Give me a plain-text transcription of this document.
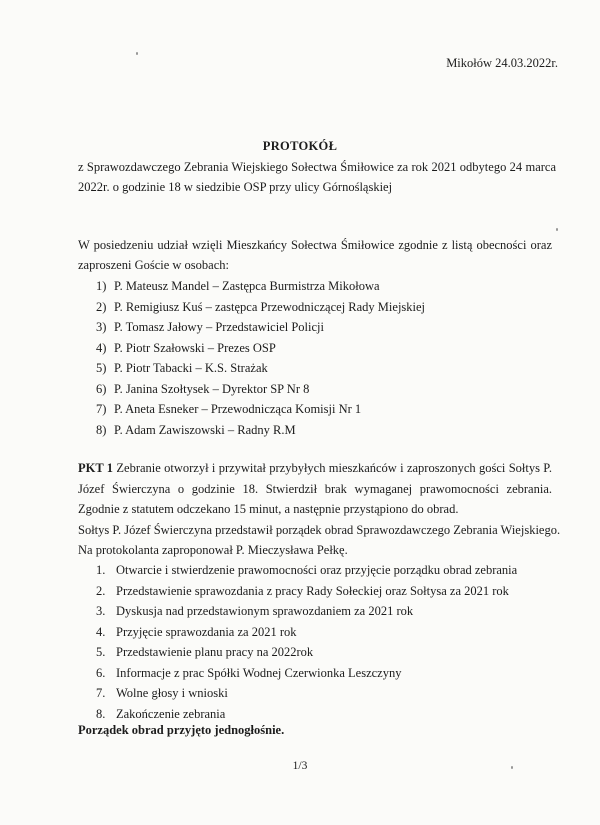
Mikołów 24.03.2022r.
PROTOKÓŁ
z Sprawozdawczego Zebrania Wiejskiego Sołectwa Śmiłowice za rok 2021 odbytego 24 marca 2022r. o godzinie 18 w siedzibie OSP przy ulicy Górnośląskiej
W posiedzeniu udział wzięli Mieszkańcy Sołectwa Śmiłowice zgodnie z listą obecności oraz
zaproszeni Goście w osobach:
1) P. Mateusz Mandel – Zastępca Burmistrza Mikołowa
2) P. Remigiusz Kuś – zastępca Przewodniczącej Rady Miejskiej
3) P. Tomasz Jałowy – Przedstawiciel Policji
4) P. Piotr Szałowski – Prezes OSP
5) P. Piotr Tabacki – K.S. Strażak
6) P. Janina Szołtysek – Dyrektor SP Nr 8
7) P. Aneta Esneker – Przewodnicząca Komisji Nr 1
8) P. Adam Zawiszowski – Radny R.M
PKT 1 Zebranie otworzył i przywitał przybyłych mieszkańców i zaproszonych gości Sołtys P. Józef Świerczyna o godzinie 18. Stwierdził brak wymaganej prawomocności zebrania. Zgodnie z statutem odczekano 15 minut, a następnie przystąpiono do obrad.
Sołtys P. Józef Świerczyna przedstawił porządek obrad Sprawozdawczego Zebrania Wiejskiego.
Na protokolanta zaproponował P. Mieczysława Pełkę.
1. Otwarcie i stwierdzenie prawomocności oraz przyjęcie porządku obrad zebrania
2. Przedstawienie sprawozdania z pracy Rady Sołeckiej oraz Sołtysa za 2021 rok
3. Dyskusja nad przedstawionym sprawozdaniem za 2021 rok
4. Przyjęcie sprawozdania za 2021 rok
5. Przedstawienie planu pracy na 2022rok
6. Informacje z prac Spółki Wodnej Czerwionka Leszczyny
7. Wolne głosy i wnioski
8. Zakończenie zebrania
Porządek obrad przyjęto jednogłośnie.
1/3
